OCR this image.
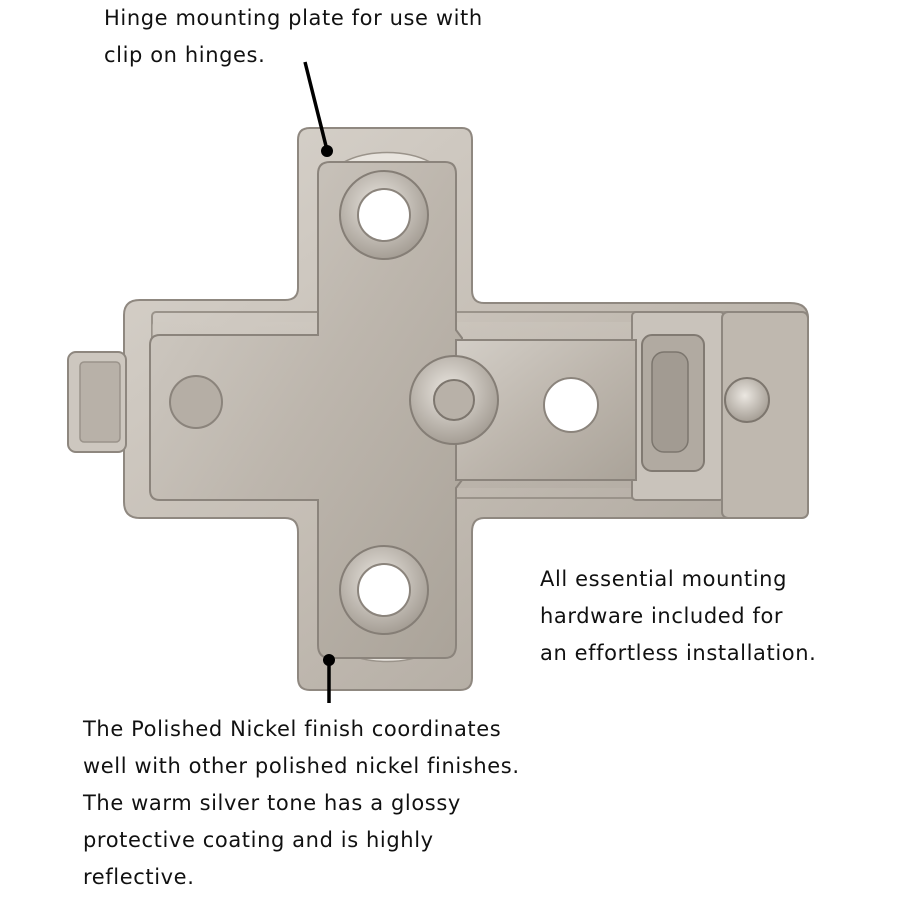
Hinge mounting plate for use with
clip on hinges.
All essential mounting
hardware included for
an effortless installation.
The Polished Nickel finish coordinates
well with other polished nickel finishes.
The warm silver tone has a glossy
protective coating and is highly
reflective.
